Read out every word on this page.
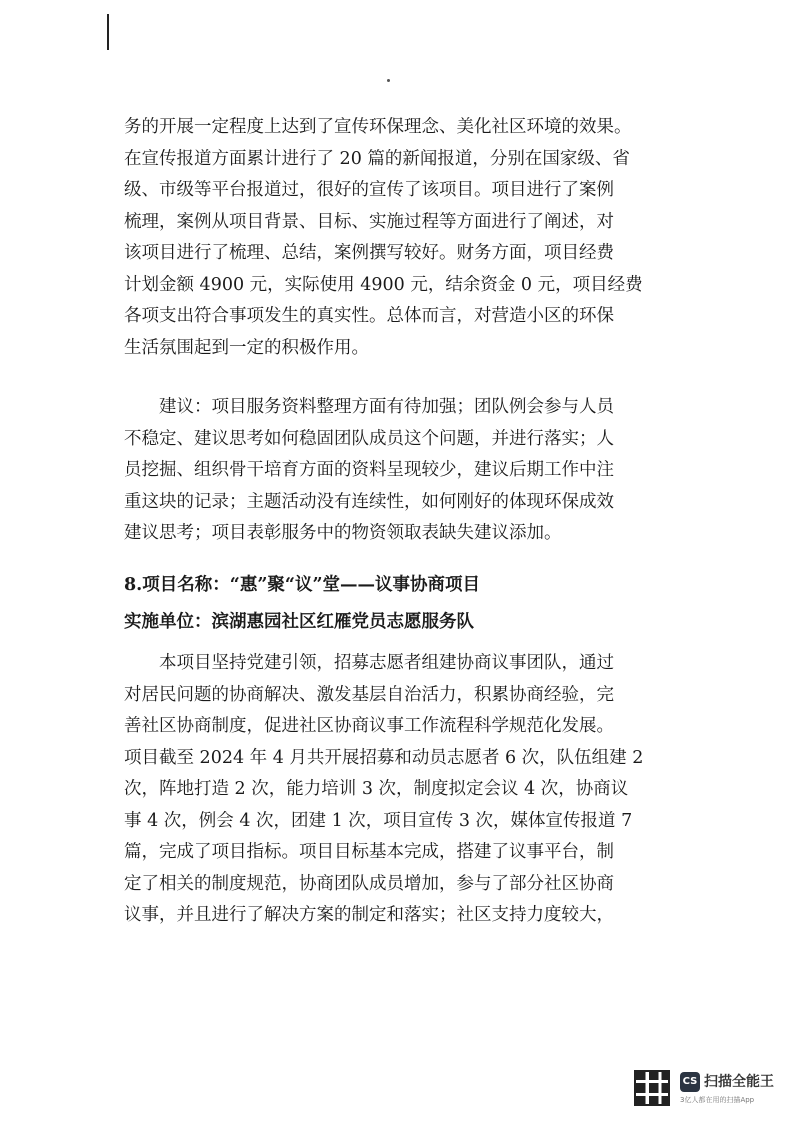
务的开展一定程度上达到了宣传环保理念、美化社区环境的效果。

在宣传报道方面累计进行了 20 篇的新闻报道，分别在国家级、省

级、市级等平台报道过，很好的宣传了该项目。项目进行了案例

梳理，案例从项目背景、目标、实施过程等方面进行了阐述，对

该项目进行了梳理、总结，案例撰写较好。财务方面，项目经费

计划金额 4900 元，实际使用 4900 元，结余资金 0 元，项目经费

各项支出符合事项发生的真实性。总体而言，对营造小区的环保

生活氛围起到一定的积极作用。

建议：项目服务资料整理方面有待加强；团队例会参与人员

不稳定、建议思考如何稳固团队成员这个问题，并进行落实；人

员挖掘、组织骨干培育方面的资料呈现较少，建议后期工作中注

重这块的记录；主题活动没有连续性，如何刚好的体现环保成效

建议思考；项目表彰服务中的物资领取表缺失建议添加。

8.项目名称：“惠”聚“议”堂——议事协商项目

实施单位：滨湖惠园社区红雁党员志愿服务队

本项目坚持党建引领，招募志愿者组建协商议事团队，通过

对居民问题的协商解决、激发基层自治活力，积累协商经验，完

善社区协商制度，促进社区协商议事工作流程科学规范化发展。

项目截至 2024 年 4 月共开展招募和动员志愿者 6 次，队伍组建 2

次，阵地打造 2 次，能力培训 3 次，制度拟定会议 4 次，协商议

事 4 次，例会 4 次，团建 1 次，项目宣传 3 次，媒体宣传报道 7

篇，完成了项目指标。项目目标基本完成，搭建了议事平台，制

定了相关的制度规范，协商团队成员增加，参与了部分社区协商

议事，并且进行了解决方案的制定和落实；社区支持力度较大，

CS 扫描全能王
3亿人都在用的扫描App
